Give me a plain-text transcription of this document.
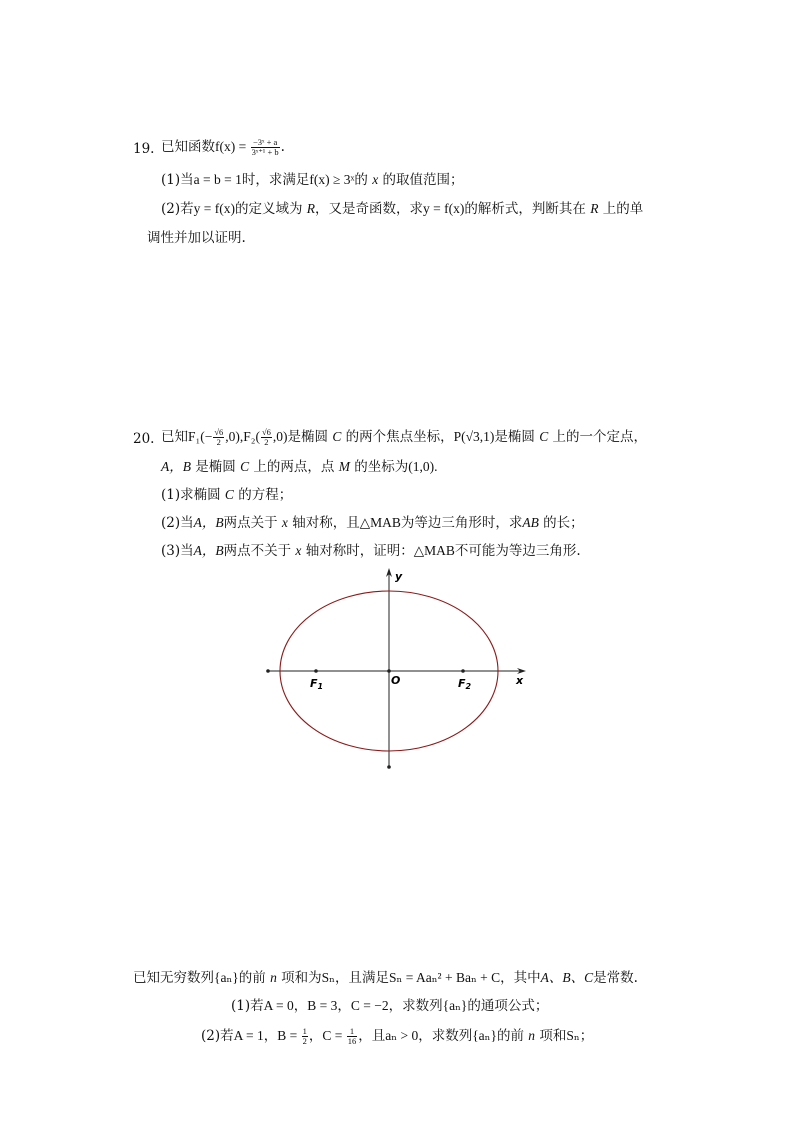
19. 已知函数$f(x) = \frac{\text{−3ˣ + a}}{\text{3ˣ⁺¹ + b}}$ .
(1)当a = b = 1时，求满足f(x) ≥ 3ˣ的 x 的取值范围；
(2)若y = f(x)的定义域为 R，又是奇函数，求y = f(x)的解析式，判断其在 R 上的单
调性并加以证明.
20. 已知$F_1(- \frac{√6}{2} ,0),F_2( \frac{√6}{2} ,0)$是椭圆 C 的两个焦点坐标，P(√3,1)是椭圆 C 上的一个定点，
A，B 是椭圆 C 上的两点，点 M 的坐标为(1,0).
(1)求椭圆 C 的方程；
(2)当A，B两点关于 x 轴对称，且△MAB为等边三角形时，求AB 的长；
(3)当A，B两点不关于 x 轴对称时，证明：△MAB不可能为等边三角形.
y
x
O
F1	F2
已知无穷数列{aₙ}的前 n 项和为Sₙ，且满足Sₙ = Aaₙ² + Baₙ + C，其中A、B、C是常数.
(1)若A = 0，B = 3，C = −2，求数列{aₙ}的通项公式；
(2)若A = 1，$B = \frac{1}{2}$ ，$C = \frac{1}{16}$ ，且aₙ > 0，求数列{aₙ}的前 n 项和Sₙ；
